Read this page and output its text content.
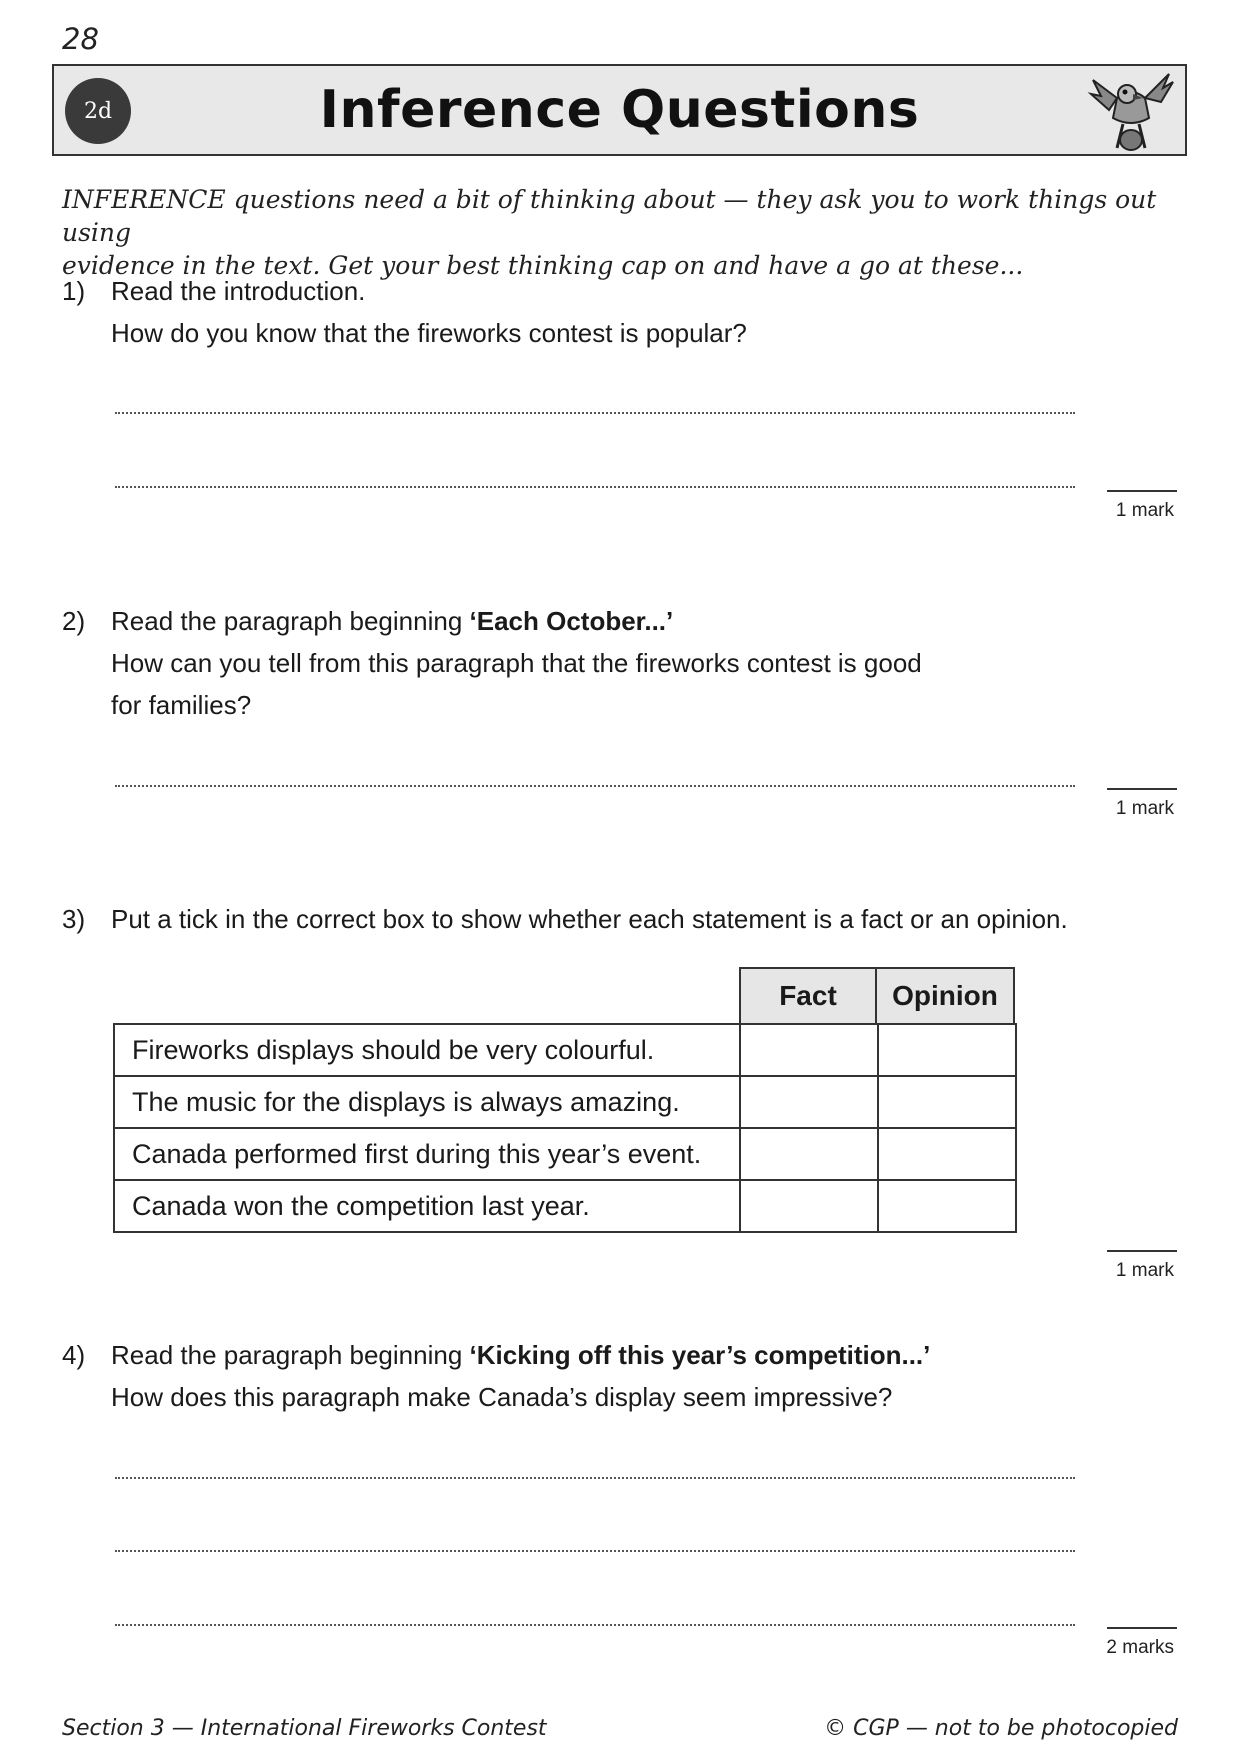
28
2d	Inference Questions
INFERENCE questions need a bit of thinking about — they ask you to work things out using
evidence in the text. Get your best thinking cap on and have a go at these...
1) Read the introduction.
How do you know that the fireworks contest is popular?
1 mark
2) Read the paragraph beginning ‘Each October...’
How can you tell from this paragraph that the fireworks contest is good
for families?
1 mark
3) Put a tick in the correct box to show whether each statement is a fact or an opinion.
Fact	Opinion
Fireworks displays should be very colourful.		
The music for the displays is always amazing.		
Canada performed first during this year’s event.		
Canada won the competition last year.		
1 mark
4) Read the paragraph beginning ‘Kicking off this year’s competition...’
How does this paragraph make Canada’s display seem impressive?
2 marks
Section 3 — International Fireworks Contest	© CGP — not to be photocopied
